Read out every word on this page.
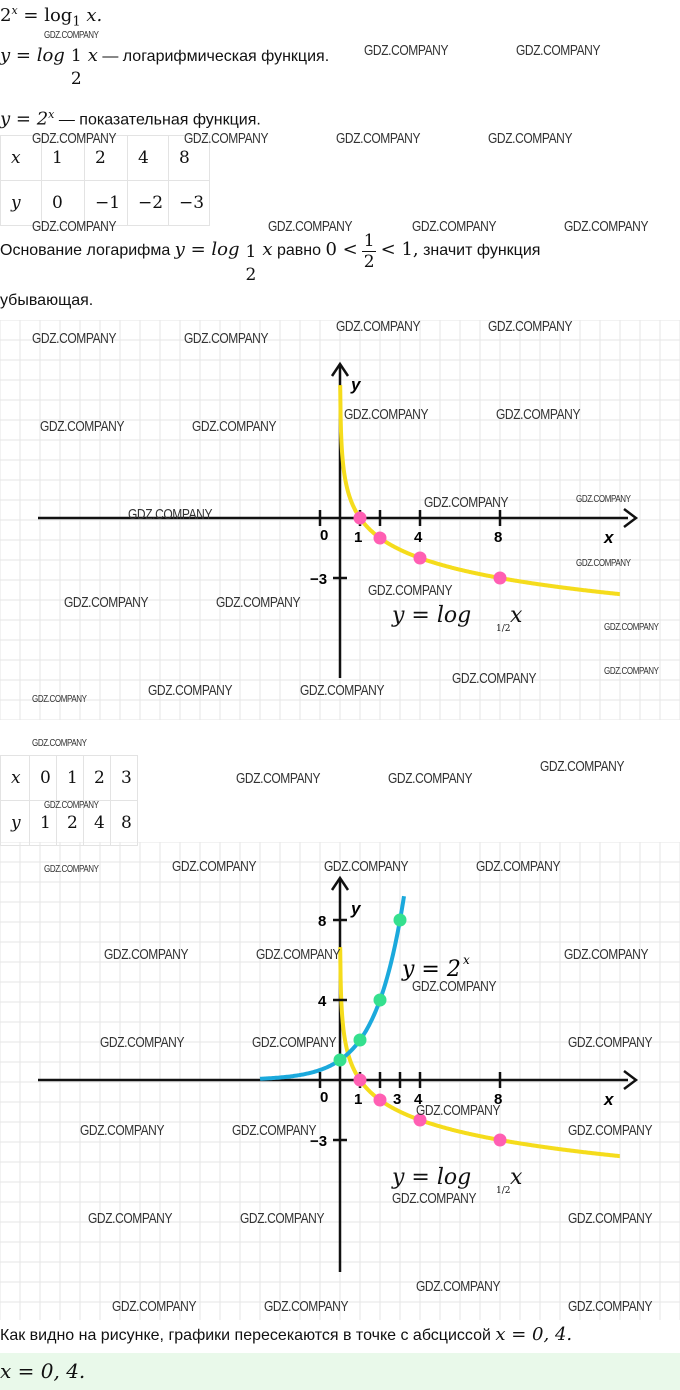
$2^x = \log_1 x$.
y = log 1
2
x — логарифмическая функция.
$y = 2^x$ — показательная функция.
x	1	2	4	8
y	0	−1	−2	−3
Основание логарифма y = log 1
2
x равно $0 < \frac{1}{2} < 1$, значит функция
убывающая.
0 1	4	8
−3
x
y
y = log
1/2
x
x	0	1	2	3
y	1	2	4	8
0 1 3 4	8
8
4
−3
x
y
y = 2 x
y = log
1/2
x
Как видно на рисунке, графики пересекаются в точке с абсциссой x = 0, 4.
x = 0, 4.
GDZ.COMPANY
GDZ.COMPANY	GDZ.COMPANY
GDZ.COMPANY	GDZ.COMPANY	GDZ.COMPANY	GDZ.COMPANY
GDZ.COMPANY	GDZ.COMPANY	GDZ.COMPANY	GDZ.COMPANY
GDZ.COMPANY	GDZ.COMPANY
GDZ.COMPANY	GDZ.COMPANY
GDZ.COMPANY	GDZ.COMPANY
GDZ.COMPANY	GDZ.COMPANY
GDZ.COMPANY	GDZ.COMPANY
GDZ.COMPANY
GDZ.COMPANY
GDZ.COMPANY	GDZ.COMPANY
GDZ.COMPANY
GDZ.COMPANY
GDZ.COMPANY
GDZ.COMPANY	GDZ.COMPANY
GDZ.COMPANY
GDZ.COMPANY
GDZ.COMPANY
GDZ.COMPANY
GDZ.COMPANY	GDZ.COMPANY
GDZ.COMPANY
GDZ.COMPANY	GDZ.COMPANY	GDZ.COMPANY	GDZ.COMPANY
GDZ.COMPANY	GDZ.COMPANY	GDZ.COMPANY
GDZ.COMPANY
GDZ.COMPANY	GDZ.COMPANY	GDZ.COMPANY
GDZ.COMPANY
GDZ.COMPANY	GDZ.COMPANY	GDZ.COMPANY
GDZ.COMPANY
GDZ.COMPANY	GDZ.COMPANY	GDZ.COMPANY
GDZ.COMPANY
GDZ.COMPANY	GDZ.COMPANY	GDZ.COMPANY
